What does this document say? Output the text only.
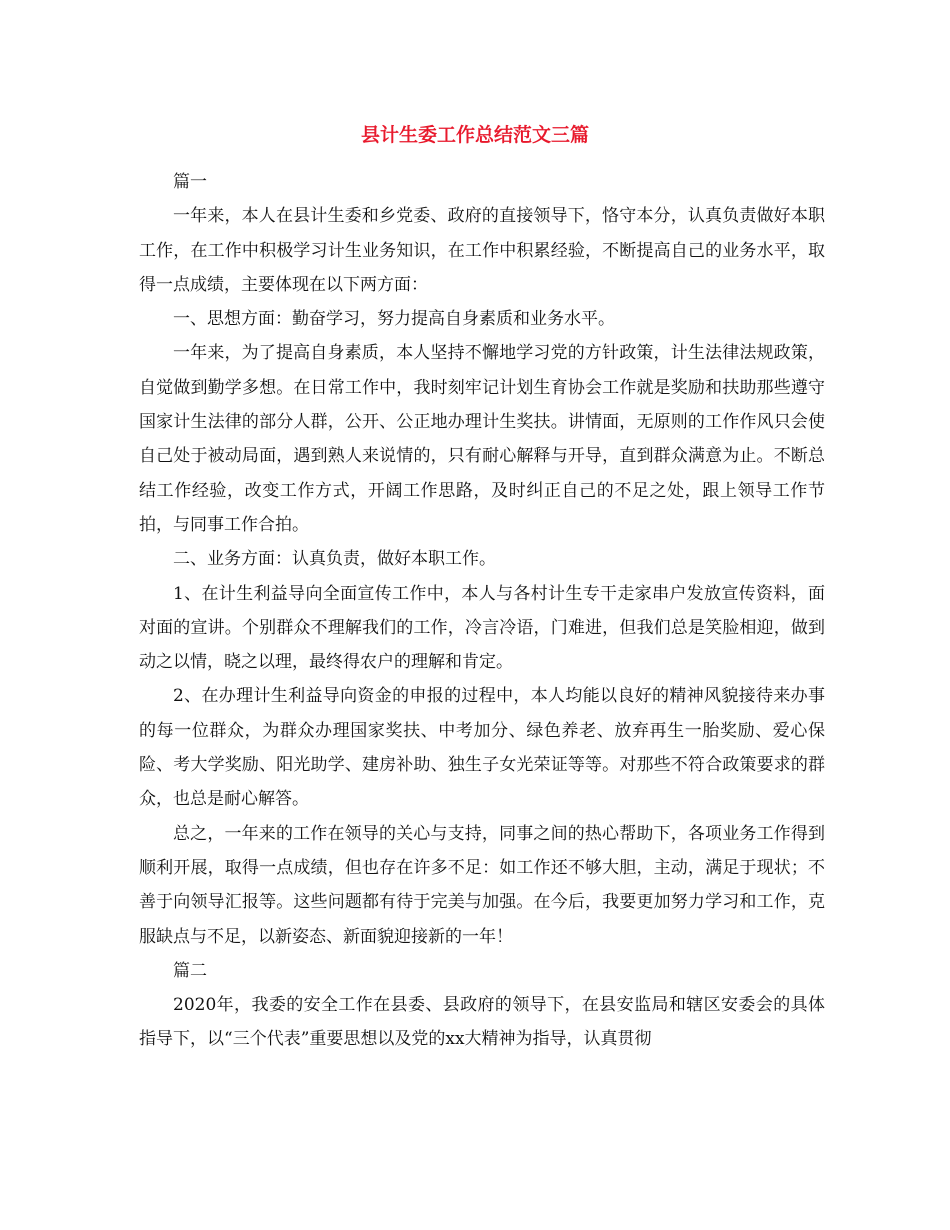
县计生委工作总结范文三篇

篇一

一年来，本人在县计生委和乡党委、政府的直接领导下，恪守本分，认真负责做好本职工作，在工作中积极学习计生业务知识，在工作中积累经验，不断提高自己的业务水平，取得一点成绩，主要体现在以下两方面：

一、思想方面：勤奋学习，努力提高自身素质和业务水平。

一年来，为了提高自身素质，本人坚持不懈地学习党的方针政策，计生法律法规政策，自觉做到勤学多想。在日常工作中，我时刻牢记计划生育协会工作就是奖励和扶助那些遵守国家计生法律的部分人群，公开、公正地办理计生奖扶。讲情面，无原则的工作作风只会使自己处于被动局面，遇到熟人来说情的，只有耐心解释与开导，直到群众满意为止。不断总结工作经验，改变工作方式，开阔工作思路，及时纠正自己的不足之处，跟上领导工作节拍，与同事工作合拍。

二、业务方面：认真负责，做好本职工作。

1、在计生利益导向全面宣传工作中，本人与各村计生专干走家串户发放宣传资料，面对面的宣讲。个别群众不理解我们的工作，冷言冷语，门难进，但我们总是笑脸相迎，做到动之以情，晓之以理，最终得农户的理解和肯定。

2、在办理计生利益导向资金的申报的过程中，本人均能以良好的精神风貌接待来办事的每一位群众，为群众办理国家奖扶、中考加分、绿色养老、放弃再生一胎奖励、爱心保险、考大学奖励、阳光助学、建房补助、独生子女光荣证等等。对那些不符合政策要求的群众，也总是耐心解答。

总之，一年来的工作在领导的关心与支持，同事之间的热心帮助下，各项业务工作得到顺利开展，取得一点成绩，但也存在许多不足：如工作还不够大胆，主动，满足于现状；不善于向领导汇报等。这些问题都有待于完美与加强。在今后，我要更加努力学习和工作，克服缺点与不足，以新姿态、新面貌迎接新的一年！

篇二

2020年，我委的安全工作在县委、县政府的领导下，在县安监局和辖区安委会的具体指导下，以“三个代表”重要思想以及党的xx大精神为指导，认真贯彻
